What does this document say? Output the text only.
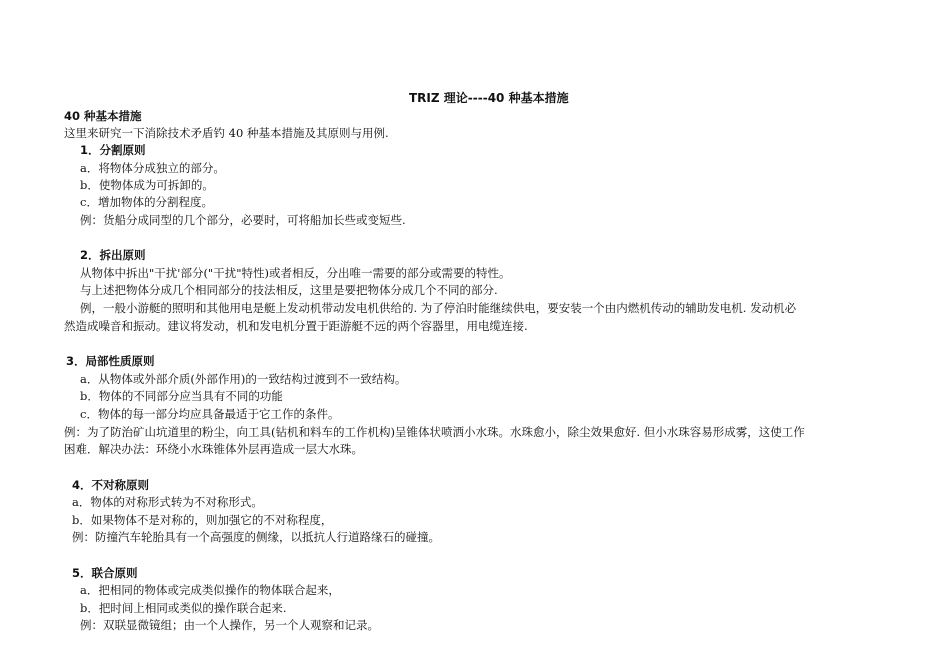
TRIZ 理论----40 种基本措施
40 种基本措施
这里来研究一下消除技术矛盾钓 40 种基本措施及其原则与用例.
1．分割原则
a．将物体分成独立的部分。
b．使物体成为可拆卸的。
c．增加物体的分割程度。
例：货船分成同型的几个部分，必要时，可将船加长些或变短些.
2．拆出原则
从物体中拆出"干扰'部分("干扰"特性)或者相反，分出唯一需要的部分或需要的特性。
与上述把物体分成几个相同部分的技法相反，这里是要把物体分成几个不同的部分.
例，一般小游艇的照明和其他用电是艇上发动机带动发电机供给的. 为了停泊时能继续供电，要安装一个由内燃机传动的辅助发电机. 发动机必
然造成噪音和振动。建议将发动，机和发电机分置于距游艇不远的两个容器里，用电缆连接.
3．局部性质原则
a．从物体或外部介质(外部作用)的一致结构过渡到不一致结构。
b．物体的不同部分应当具有不同的功能
c．物体的每一部分均应具备最适于它工作的条件。
例：为了防治矿山坑道里的粉尘，向工具(钻机和料车的工作机构)呈锥体状喷洒小水珠。水珠愈小，除尘效果愈好. 但小水珠容易形成雾，这使工作
困难．解决办法：环绕小水珠锥体外层再造成一层大水珠。
4．不对称原则
a．物体的对称形式转为不对称形式。
b．如果物体不是对称的，则加强它的不对称程度，
例：防撞汽车轮胎具有一个高强度的侧缘，以抵抗人行道路缘石的碰撞。
5．联合原则
a．把相同的物体或完成类似操作的物体联合起来，
b．把时间上相同或类似的操作联合起来.
例：双联显微镜组；由一个人操作，另一个人观察和记录。
